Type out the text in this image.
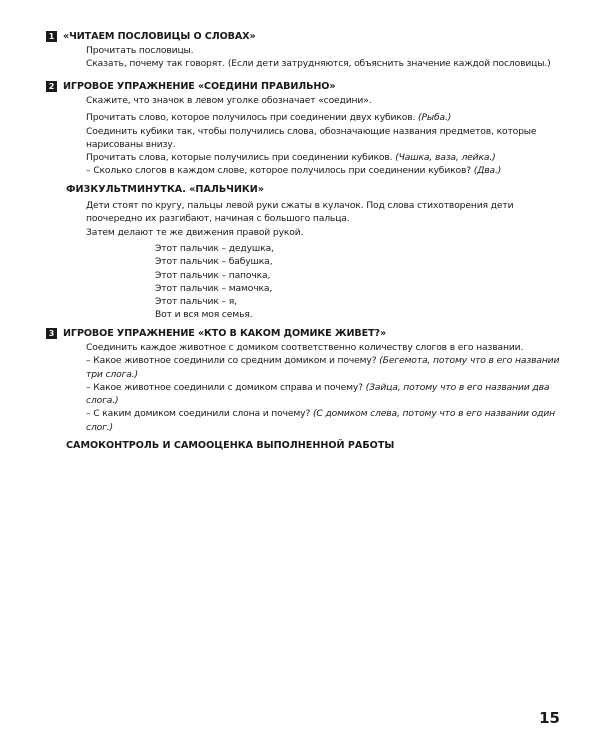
1 «ЧИТАЕМ ПОСЛОВИЦЫ О СЛОВАХ»

Прочитать пословицы.

Сказать, почему так говорят. (Если дети затрудняются, объяснить значение каждой пословицы.)

2 ИГРОВОЕ УПРАЖНЕНИЕ «СОЕДИНИ ПРАВИЛЬНО»

Скажите, что значок в левом уголке обозначает «соедини».

Прочитать слово, которое получилось при соединении двух кубиков. (Рыба.)

Соединить кубики так, чтобы получились слова, обозначающие названия предметов, которые нарисованы внизу.

Прочитать слова, которые получились при соединении кубиков. (Чашка, ваза, лейка.)

– Сколько слогов в каждом слове, которое получилось при соединении кубиков? (Два.)

ФИЗКУЛЬТМИНУТКА. «ПАЛЬЧИКИ»

Дети стоят по кругу, пальцы левой руки сжаты в кулачок. Под слова стихотворения дети поочередно их разгибают, начиная с большого пальца.

Затем делают те же движения правой рукой.

Этот пальчик – дедушка,

Этот пальчик – бабушка,

Этот пальчик – папочка,

Этот пальчик – мамочка,

Этот пальчик – я,

Вот и вся моя семья.

3 ИГРОВОЕ УПРАЖНЕНИЕ «КТО В КАКОМ ДОМИКЕ ЖИВЕТ?»

Соединить каждое животное с домиком соответственно количеству слогов в его названии.

– Какое животное соединили со средним домиком и почему? (Бегемота, потому что в его названии три слога.)

– Какое животное соединили с домиком справа и почему? (Зайца, потому что в его названии два слога.)

– С каким домиком соединили слона и почему? (С домиком слева, потому что в его названии один слог.)

САМОКОНТРОЛЬ И САМООЦЕНКА ВЫПОЛНЕННОЙ РАБОТЫ
15
